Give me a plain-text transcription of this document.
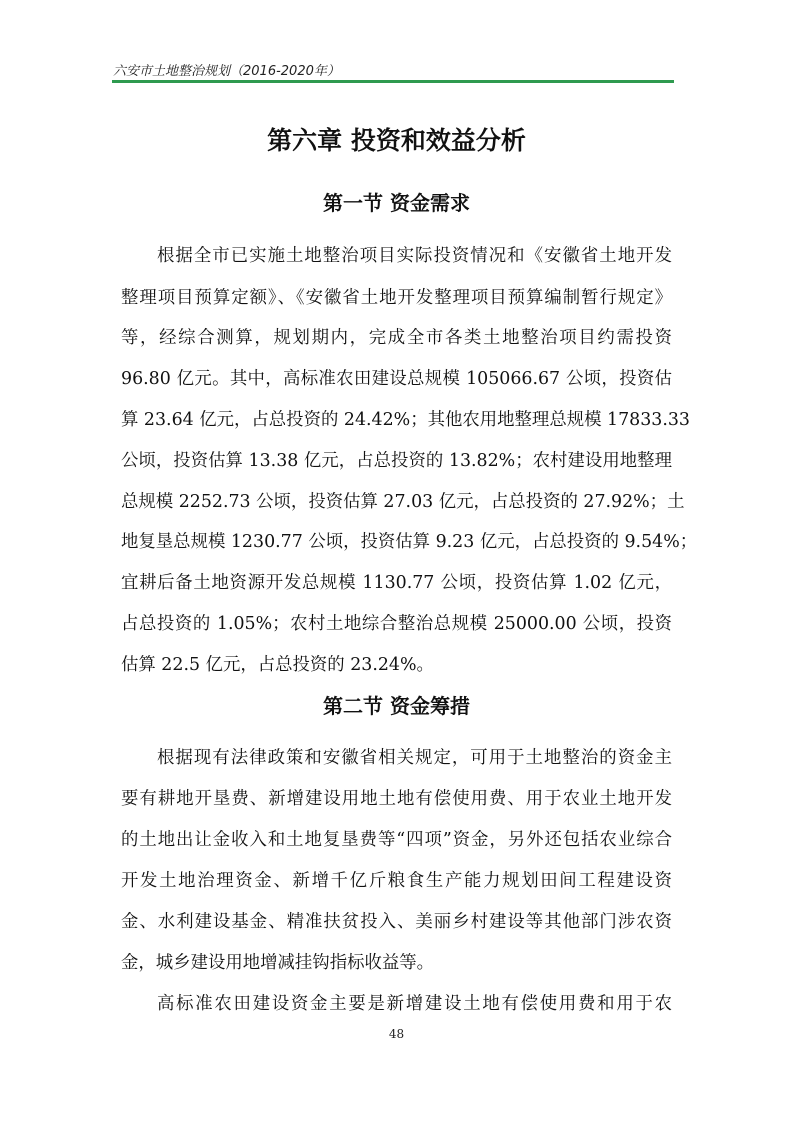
六安市土地整治规划（2016-2020年）
第六章 投资和效益分析
第一节 资金需求
根据全市已实施土地整治项目实际投资情况和《安徽省土地开发
整理项目预算定额》、《安徽省土地开发整理项目预算编制暂行规定》
等，经综合测算，规划期内，完成全市各类土地整治项目约需投资
96.80 亿元。其中，高标准农田建设总规模 105066.67 公顷，投资估
算 23.64 亿元，占总投资的 24.42%；其他农用地整理总规模 17833.33
公顷，投资估算 13.38 亿元，占总投资的 13.82%；农村建设用地整理
总规模 2252.73 公顷，投资估算 27.03 亿元，占总投资的 27.92%；土
地复垦总规模 1230.77 公顷，投资估算 9.23 亿元，占总投资的 9.54%；
宜耕后备土地资源开发总规模 1130.77 公顷，投资估算 1.02 亿元，
占总投资的 1.05%；农村土地综合整治总规模 25000.00 公顷，投资
估算 22.5 亿元，占总投资的 23.24%。
第二节 资金筹措
根据现有法律政策和安徽省相关规定，可用于土地整治的资金主
要有耕地开垦费、新增建设用地土地有偿使用费、用于农业土地开发
的土地出让金收入和土地复垦费等“四项”资金，另外还包括农业综合
开发土地治理资金、新增千亿斤粮食生产能力规划田间工程建设资
金、水利建设基金、精准扶贫投入、美丽乡村建设等其他部门涉农资
金，城乡建设用地增减挂钩指标收益等。
高标准农田建设资金主要是新增建设土地有偿使用费和用于农
48
